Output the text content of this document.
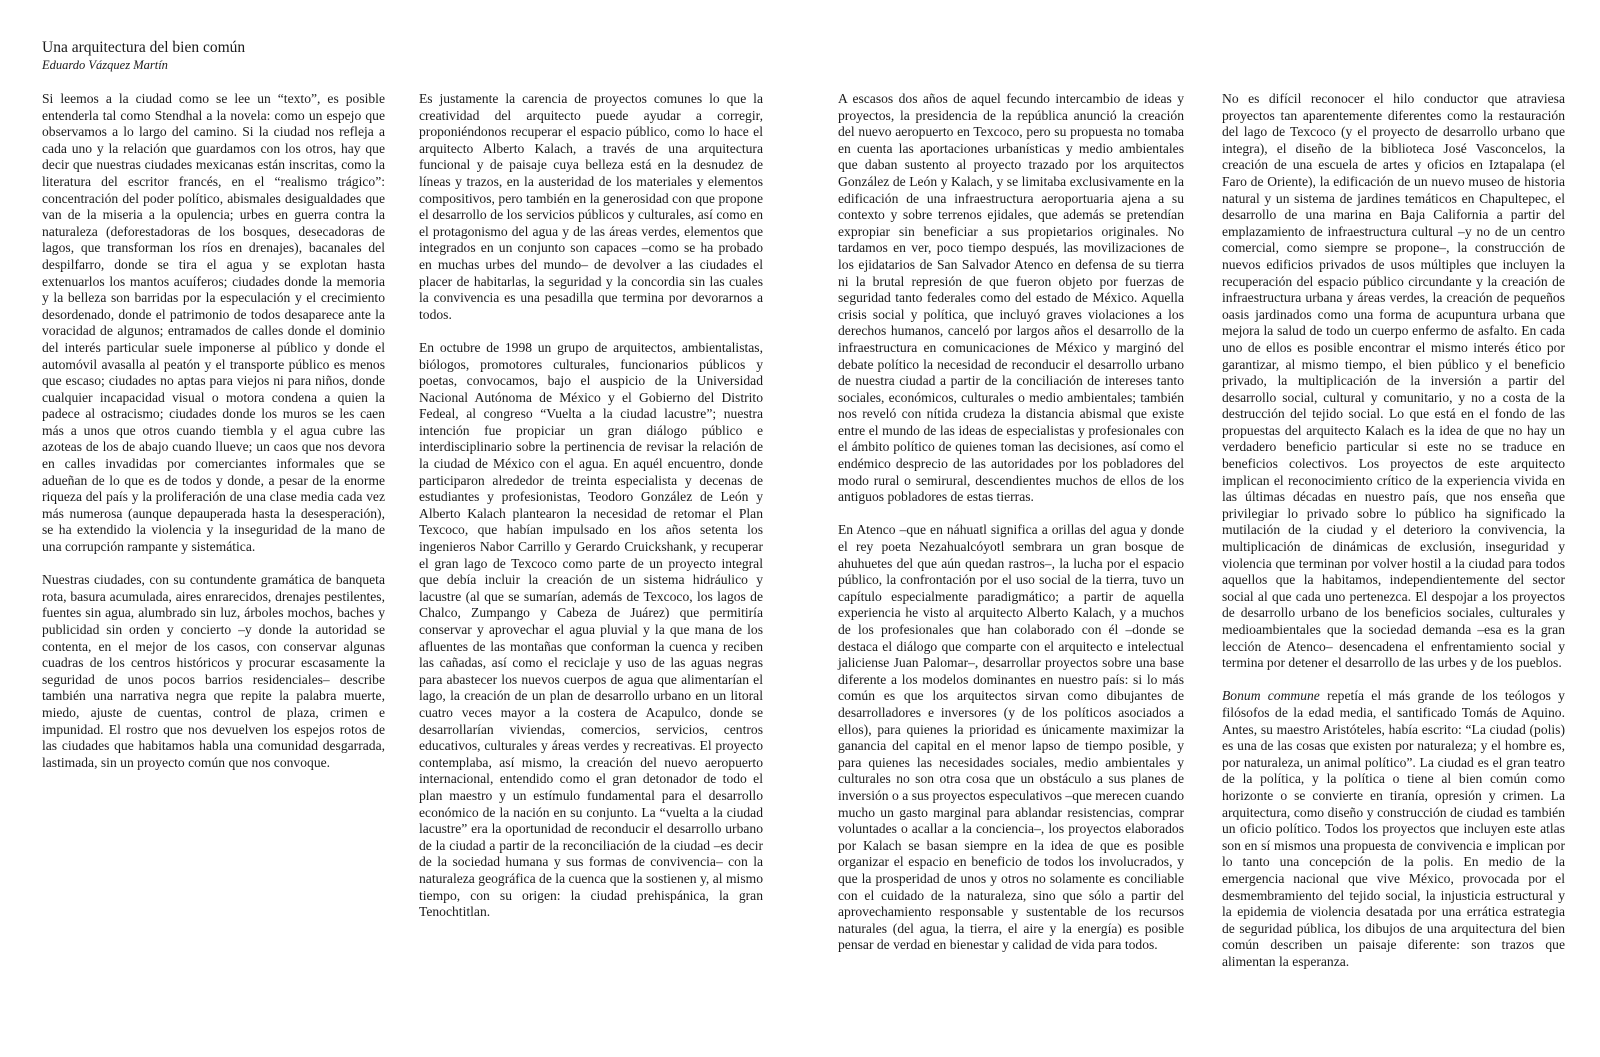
Una arquitectura del bien común
Eduardo Vázquez Martín

Si leemos a la ciudad como se lee un “texto”, es posible entenderla tal como Stendhal a la novela: como un espejo que observamos a lo largo del camino. Si la ciudad nos refleja a cada uno y la relación que guardamos con los otros, hay que decir que nuestras ciudades mexicanas están inscritas, como la literatura del escritor francés, en el “realismo trágico”: concentración del poder político, abismales desigualdades que van de la miseria a la opulencia; urbes en guerra contra la naturaleza (deforestadoras de los bosques, desecadoras de lagos, que transforman los ríos en drenajes), bacanales del despilfarro, donde se tira el agua y se explotan hasta extenuarlos los mantos acuíferos; ciudades donde la memoria y la belleza son barridas por la especulación y el crecimiento desordenado, donde el patrimonio de todos desaparece ante la voracidad de algunos; entramados de calles donde el dominio del interés particular suele imponerse al público y donde el automóvil avasalla al peatón y el transporte público es menos que escaso; ciudades no aptas para viejos ni para niños, donde cualquier incapacidad visual o motora condena a quien la padece al ostracismo; ciudades donde los muros se les caen más a unos que otros cuando tiembla y el agua cubre las azoteas de los de abajo cuando llueve; un caos que nos devora en calles invadidas por comerciantes informales que se adueñan de lo que es de todos y donde, a pesar de la enorme riqueza del país y la proliferación de una clase media cada vez más numerosa (aunque depauperada hasta la desesperación), se ha extendido la violencia y la inseguridad de la mano de una corrupción rampante y sistemática.

Nuestras ciudades, con su contundente gramática de banqueta rota, basura acumulada, aires enrarecidos, drenajes pestilentes, fuentes sin agua, alumbrado sin luz, árboles mochos, baches y publicidad sin orden y concierto –y donde la autoridad se contenta, en el mejor de los casos, con conservar algunas cuadras de los centros históricos y procurar escasamente la seguridad de unos pocos barrios residenciales– describe también una narrativa negra que repite la palabra muerte, miedo, ajuste de cuentas, control de plaza, crimen e impunidad. El rostro que nos devuelven los espejos rotos de las ciudades que habitamos habla una comunidad desgarrada, lastimada, sin un proyecto común que nos convoque.

Es justamente la carencia de proyectos comunes lo que la creatividad del arquitecto puede ayudar a corregir, proponiéndonos recuperar el espacio público, como lo hace el arquitecto Alberto Kalach, a través de una arquitectura funcional y de paisaje cuya belleza está en la desnudez de líneas y trazos, en la austeridad de los materiales y elementos compositivos, pero también en la generosidad con que propone el desarrollo de los servicios públicos y culturales, así como en el protagonismo del agua y de las áreas verdes, elementos que integrados en un conjunto son capaces –como se ha probado en muchas urbes del mundo– de devolver a las ciudades el placer de habitarlas, la seguridad y la concordia sin las cuales la convivencia es una pesadilla que termina por devorarnos a todos.

En octubre de 1998 un grupo de arquitectos, ambientalistas, biólogos, promotores culturales, funcionarios públicos y poetas, convocamos, bajo el auspicio de la Universidad Nacional Autónoma de México y el Gobierno del Distrito Fedeal, al congreso “Vuelta a la ciudad lacustre”; nuestra intención fue propiciar un gran diálogo público e interdisciplinario sobre la pertinencia de revisar la relación de la ciudad de México con el agua. En aquél encuentro, donde participaron alrededor de treinta especialista y decenas de estudiantes y profesionistas, Teodoro González de León y Alberto Kalach plantearon la necesidad de retomar el Plan Texcoco, que habían impulsado en los años setenta los ingenieros Nabor Carrillo y Gerardo Cruickshank, y recuperar el gran lago de Texcoco como parte de un proyecto integral que debía incluir la creación de un sistema hidráulico y lacustre (al que se sumarían, además de Texcoco, los lagos de Chalco, Zumpango y Cabeza de Juárez) que permitiría conservar y aprovechar el agua pluvial y la que mana de los afluentes de las montañas que conforman la cuenca y reciben las cañadas, así como el reciclaje y uso de las aguas negras para abastecer los nuevos cuerpos de agua que alimentarían el lago, la creación de un plan de desarrollo urbano en un litoral cuatro veces mayor a la costera de Acapulco, donde se desarrollarían viviendas, comercios, servicios, centros educativos, culturales y áreas verdes y recreativas. El proyecto contemplaba, así mismo, la creación del nuevo aeropuerto internacional, entendido como el gran detonador de todo el plan maestro y un estímulo fundamental para el desarrollo económico de la nación en su conjunto. La “vuelta a la ciudad lacustre” era la oportunidad de reconducir el desarrollo urbano de la ciudad a partir de la reconciliación de la ciudad –es decir de la sociedad humana y sus formas de convivencia– con la naturaleza geográfica de la cuenca que la sostienen y, al mismo tiempo, con su origen: la ciudad prehispánica, la gran Tenochtitlan.

A escasos dos años de aquel fecundo intercambio de ideas y proyectos, la presidencia de la república anunció la creación del nuevo aeropuerto en Texcoco, pero su propuesta no tomaba en cuenta las aportaciones urbanísticas y medio ambientales que daban sustento al proyecto trazado por los arquitectos González de León y Kalach, y se limitaba exclusivamente en la edificación de una infraestructura aeroportuaria ajena a su contexto y sobre terrenos ejidales, que además se pretendían expropiar sin beneficiar a sus propietarios originales. No tardamos en ver, poco tiempo después, las movilizaciones de los ejidatarios de San Salvador Atenco en defensa de su tierra ni la brutal represión de que fueron objeto por fuerzas de seguridad tanto federales como del estado de México. Aquella crisis social y política, que incluyó graves violaciones a los derechos humanos, canceló por largos años el desarrollo de la infraestructura en comunicaciones de México y marginó del debate político la necesidad de reconducir el desarrollo urbano de nuestra ciudad a partir de la conciliación de intereses tanto sociales, económicos, culturales o medio ambientales; también nos reveló con nítida crudeza la distancia abismal que existe entre el mundo de las ideas de especialistas y profesionales con el ámbito político de quienes toman las decisiones, así como el endémico desprecio de las autoridades por los pobladores del modo rural o semirural, descendientes muchos de ellos de los antiguos pobladores de estas tierras.

En Atenco –que en náhuatl significa a orillas del agua y donde el rey poeta Nezahualcóyotl sembrara un gran bosque de ahuhuetes del que aún quedan rastros–, la lucha por el espacio público, la confrontación por el uso social de la tierra, tuvo un capítulo especialmente paradigmático; a partir de aquella experiencia he visto al arquitecto Alberto Kalach, y a muchos de los profesionales que han colaborado con él –donde se destaca el diálogo que comparte con el arquitecto e intelectual jaliciense Juan Palomar–, desarrollar proyectos sobre una base diferente a los modelos dominantes en nuestro país: si lo más común es que los arquitectos sirvan como dibujantes de desarrolladores e inversores (y de los políticos asociados a ellos), para quienes la prioridad es únicamente maximizar la ganancia del capital en el menor lapso de tiempo posible, y para quienes las necesidades sociales, medio ambientales y culturales no son otra cosa que un obstáculo a sus planes de inversión o a sus proyectos especulativos –que merecen cuando mucho un gasto marginal para ablandar resistencias, comprar voluntades o acallar a la conciencia–, los proyectos elaborados por Kalach se basan siempre en la idea de que es posible organizar el espacio en beneficio de todos los involucrados, y que la prosperidad de unos y otros no solamente es conciliable con el cuidado de la naturaleza, sino que sólo a partir del aprovechamiento responsable y sustentable de los recursos naturales (del agua, la tierra, el aire y la energía) es posible pensar de verdad en bienestar y calidad de vida para todos.

No es difícil reconocer el hilo conductor que atraviesa proyectos tan aparentemente diferentes como la restauración del lago de Texcoco (y el proyecto de desarrollo urbano que integra), el diseño de la biblioteca José Vasconcelos, la creación de una escuela de artes y oficios en Iztapalapa (el Faro de Oriente), la edificación de un nuevo museo de historia natural y un sistema de jardines temáticos en Chapultepec, el desarrollo de una marina en Baja California a partir del emplazamiento de infraestructura cultural –y no de un centro comercial, como siempre se propone–, la construcción de nuevos edificios privados de usos múltiples que incluyen la recuperación del espacio público circundante y la creación de infraestructura urbana y áreas verdes, la creación de pequeños oasis jardinados como una forma de acupuntura urbana que mejora la salud de todo un cuerpo enfermo de asfalto. En cada uno de ellos es posible encontrar el mismo interés ético por garantizar, al mismo tiempo, el bien público y el beneficio privado, la multiplicación de la inversión a partir del desarrollo social, cultural y comunitario, y no a costa de la destrucción del tejido social. Lo que está en el fondo de las propuestas del arquitecto Kalach es la idea de que no hay un verdadero beneficio particular si este no se traduce en beneficios colectivos. Los proyectos de este arquitecto implican el reconocimiento crítico de la experiencia vivida en las últimas décadas en nuestro país, que nos enseña que privilegiar lo privado sobre lo público ha significado la mutilación de la ciudad y el deterioro la convivencia, la multiplicación de dinámicas de exclusión, inseguridad y violencia que terminan por volver hostil a la ciudad para todos aquellos que la habitamos, independientemente del sector social al que cada uno pertenezca. El despojar a los proyectos de desarrollo urbano de los beneficios sociales, culturales y medioambientales que la sociedad demanda –esa es la gran lección de Atenco– desencadena el enfrentamiento social y termina por detener el desarrollo de las urbes y de los pueblos.

Bonum commune repetía el más grande de los teólogos y filósofos de la edad media, el santificado Tomás de Aquino. Antes, su maestro Aristóteles, había escrito: “La ciudad (polis) es una de las cosas que existen por naturaleza; y el hombre es, por naturaleza, un animal político”. La ciudad es el gran teatro de la política, y la política o tiene al bien común como horizonte o se convierte en tiranía, opresión y crimen. La arquitectura, como diseño y construcción de ciudad es también un oficio político. Todos los proyectos que incluyen este atlas son en sí mismos una propuesta de convivencia e implican por lo tanto una concepción de la polis. En medio de la emergencia nacional que vive México, provocada por el desmembramiento del tejido social, la injusticia estructural y la epidemia de violencia desatada por una errática estrategia de seguridad pública, los dibujos de una arquitectura del bien común describen un paisaje diferente: son trazos que alimentan la esperanza.
